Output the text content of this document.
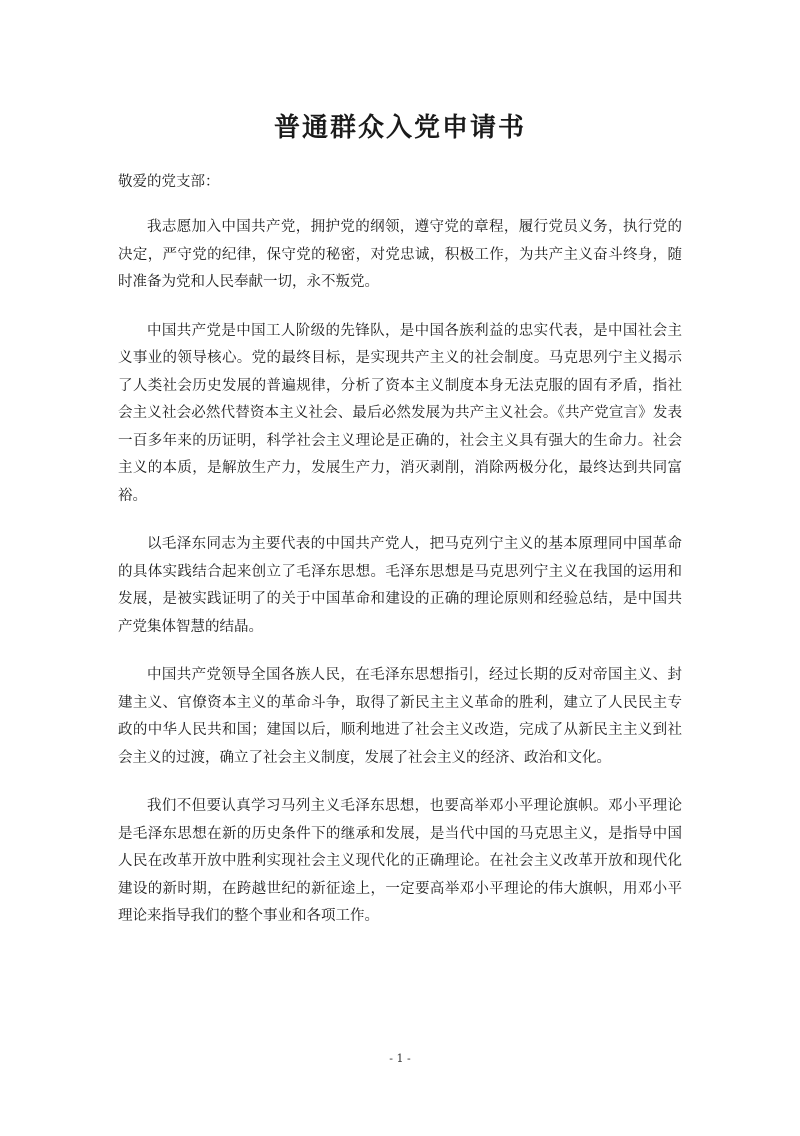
普通群众入党申请书

敬爱的党支部：

我志愿加入中国共产党，拥护党的纲领，遵守党的章程，履行党员义务，执行党的决定，严守党的纪律，保守党的秘密，对党忠诚，积极工作，为共产主义奋斗终身，随时准备为党和人民奉献一切，永不叛党。

中国共产党是中国工人阶级的先锋队，是中国各族利益的忠实代表，是中国社会主义事业的领导核心。党的最终目标，是实现共产主义的社会制度。马克思列宁主义揭示了人类社会历史发展的普遍规律，分析了资本主义制度本身无法克服的固有矛盾，指社会主义社会必然代替资本主义社会、最后必然发展为共产主义社会。《共产党宣言》发表一百多年来的历证明，科学社会主义理论是正确的，社会主义具有强大的生命力。社会主义的本质，是解放生产力，发展生产力，消灭剥削，消除两极分化，最终达到共同富裕。

以毛泽东同志为主要代表的中国共产党人，把马克列宁主义的基本原理同中国革命的具体实践结合起来创立了毛泽东思想。毛泽东思想是马克思列宁主义在我国的运用和发展，是被实践证明了的关于中国革命和建设的正确的理论原则和经验总结，是中国共产党集体智慧的结晶。

中国共产党领导全国各族人民，在毛泽东思想指引，经过长期的反对帝国主义、封建主义、官僚资本主义的革命斗争，取得了新民主主义革命的胜利，建立了人民民主专政的中华人民共和国；建国以后，顺利地进了社会主义改造，完成了从新民主主义到社会主义的过渡，确立了社会主义制度，发展了社会主义的经济、政治和文化。

我们不但要认真学习马列主义毛泽东思想，也要高举邓小平理论旗帜。邓小平理论是毛泽东思想在新的历史条件下的继承和发展，是当代中国的马克思主义，是指导中国人民在改革开放中胜利实现社会主义现代化的正确理论。在社会主义改革开放和现代化建设的新时期，在跨越世纪的新征途上，一定要高举邓小平理论的伟大旗帜，用邓小平理论来指导我们的整个事业和各项工作。

- 1 -
